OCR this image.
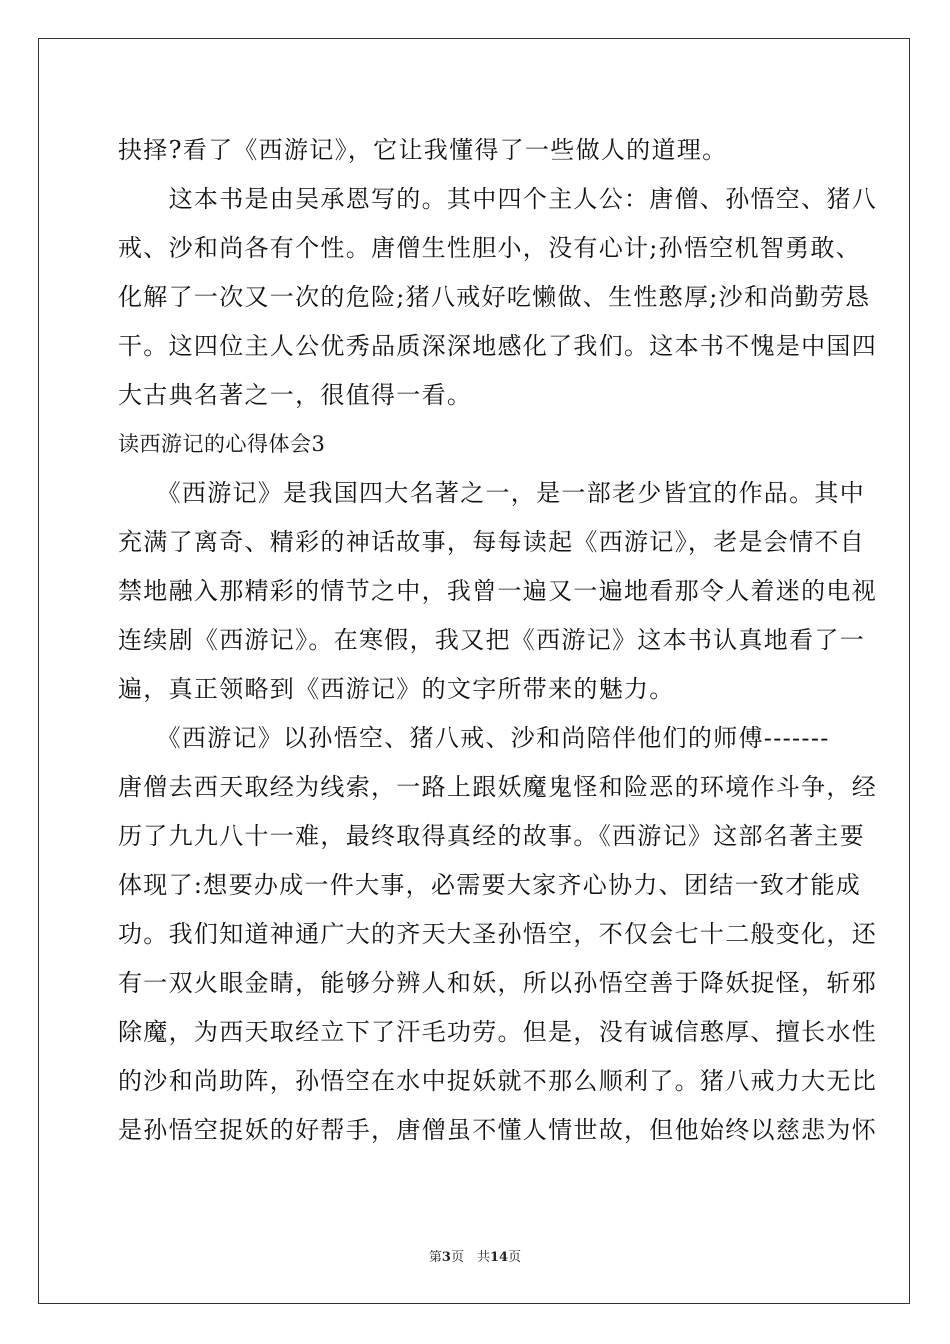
抉择?看了《西游记》，它让我懂得了一些做人的道理。
　　这本书是由吴承恩写的。其中四个主人公：唐僧、孙悟空、猪八
戒、沙和尚各有个性。唐僧生性胆小，没有心计;孙悟空机智勇敢、
化解了一次又一次的危险;猪八戒好吃懒做、生性憨厚;沙和尚勤劳恳
干。这四位主人公优秀品质深深地感化了我们。这本书不愧是中国四
大古典名著之一，很值得一看。
读西游记的心得体会3
　　《西游记》是我国四大名著之一，是一部老少皆宜的作品。其中
充满了离奇、精彩的神话故事，每每读起《西游记》，老是会情不自
禁地融入那精彩的情节之中，我曾一遍又一遍地看那令人着迷的电视
连续剧《西游记》。在寒假，我又把《西游记》这本书认真地看了一
遍，真正领略到《西游记》的文字所带来的魅力。
　　《西游记》以孙悟空、猪八戒、沙和尚陪伴他们的师傅-------
唐僧去西天取经为线索，一路上跟妖魔鬼怪和险恶的环境作斗争，经
历了九九八十一难，最终取得真经的故事。《西游记》这部名著主要
体现了:想要办成一件大事，必需要大家齐心协力、团结一致才能成
功。我们知道神通广大的齐天大圣孙悟空，不仅会七十二般变化，还
有一双火眼金睛，能够分辨人和妖，所以孙悟空善于降妖捉怪，斩邪
除魔，为西天取经立下了汗毛功劳。但是，没有诚信憨厚、擅长水性
的沙和尚助阵，孙悟空在水中捉妖就不那么顺利了。猪八戒力大无比
是孙悟空捉妖的好帮手，唐僧虽不懂人情世故，但他始终以慈悲为怀
第3页　共14页
